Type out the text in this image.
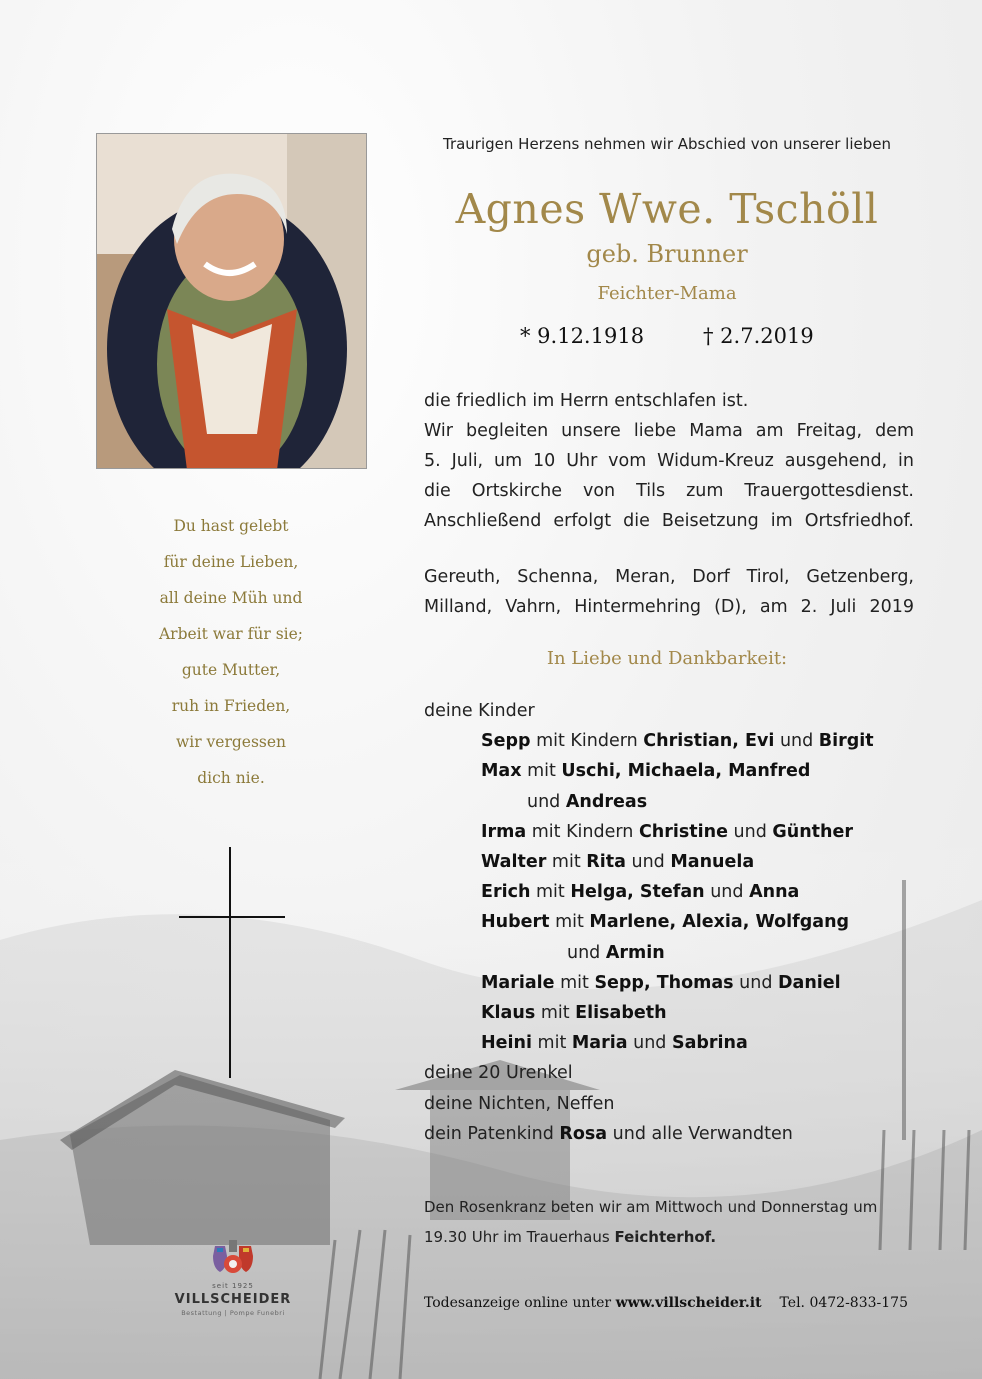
Du hast gelebt
für deine Lieben,
all deine Müh und
Arbeit war für sie;
gute Mutter,
ruh in Frieden,
wir vergessen
dich nie.
Traurigen Herzens nehmen wir Abschied von unserer lieben
Agnes Wwe. Tschöll
geb. Brunner
Feichter-Mama
* 9.12.1918	† 2.7.2019
die friedlich im Herrn entschlafen ist.
Wir begleiten unsere liebe Mama am Freitag, dem
5. Juli, um 10 Uhr vom Widum-Kreuz ausgehend, in
die Ortskirche von Tils zum Trauergottesdienst.
Anschließend erfolgt die Beisetzung im Ortsfriedhof.
Gereuth, Schenna, Meran, Dorf Tirol, Getzenberg,
Milland, Vahrn, Hintermehring (D), am 2. Juli 2019
In Liebe und Dankbarkeit:
deine Kinder
Sepp mit Kindern Christian, Evi und Birgit
Max mit Uschi, Michaela, Manfred
und Andreas
Irma mit Kindern Christine und Günther
Walter mit Rita und Manuela
Erich mit Helga, Stefan und Anna
Hubert mit Marlene, Alexia, Wolfgang
und Armin
Mariale mit Sepp, Thomas und Daniel
Klaus mit Elisabeth
Heini mit Maria und Sabrina
deine 20 Urenkel
deine Nichten, Neffen
dein Patenkind Rosa und alle Verwandten
Den Rosenkranz beten wir am Mittwoch und Donnerstag um
19.30 Uhr im Trauerhaus Feichterhof.
seit 1925
VILLSCHEIDER
Bestattung | Pompe Funebri
Todesanzeige online unter www.villscheider.it Tel. 0472-833-175
